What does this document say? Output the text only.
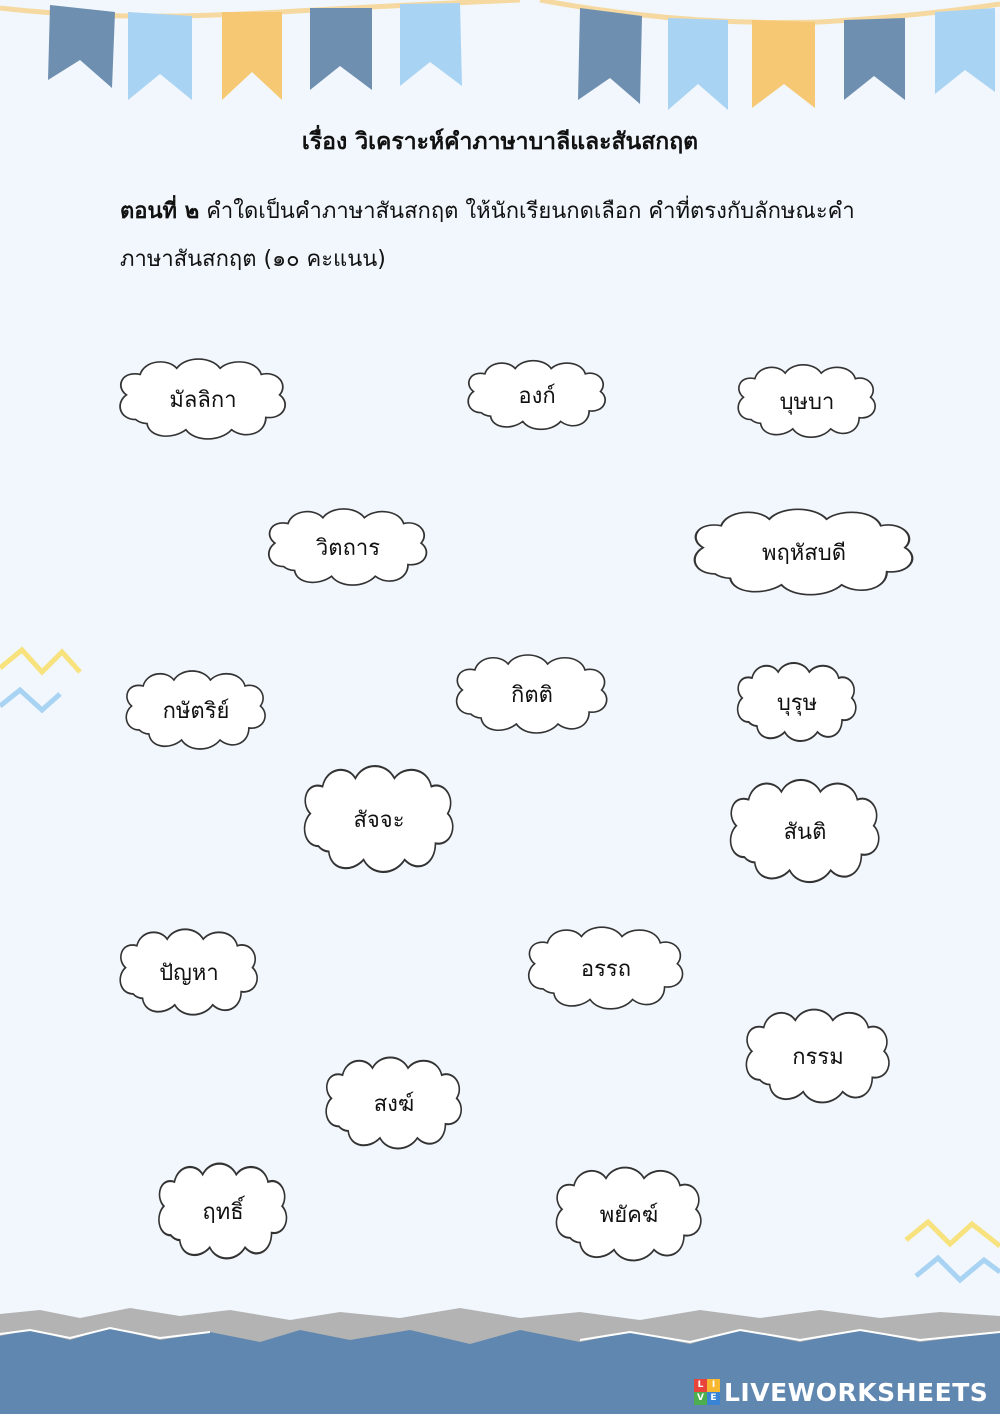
เรื่อง วิเคราะห์คำภาษาบาลีและสันสกฤต
ตอนที่ ๒ คำใดเป็นคำภาษาสันสกฤต ให้นักเรียนกดเลือก คำที่ตรงกับลักษณะคำภาษาสันสกฤต (๑๐ คะแนน)
มัลลิกา	องก์	บุษบา
วิตถาร	พฤหัสบดี
กษัตริย์
กิตติ	บุรุษ
สัจจะ	สันติ
ปัญหา	อรรถ
กรรม
สงฆ์
ฤทธิ์	พยัคฆ์
L I
V E LIVEWORKSHEETS
